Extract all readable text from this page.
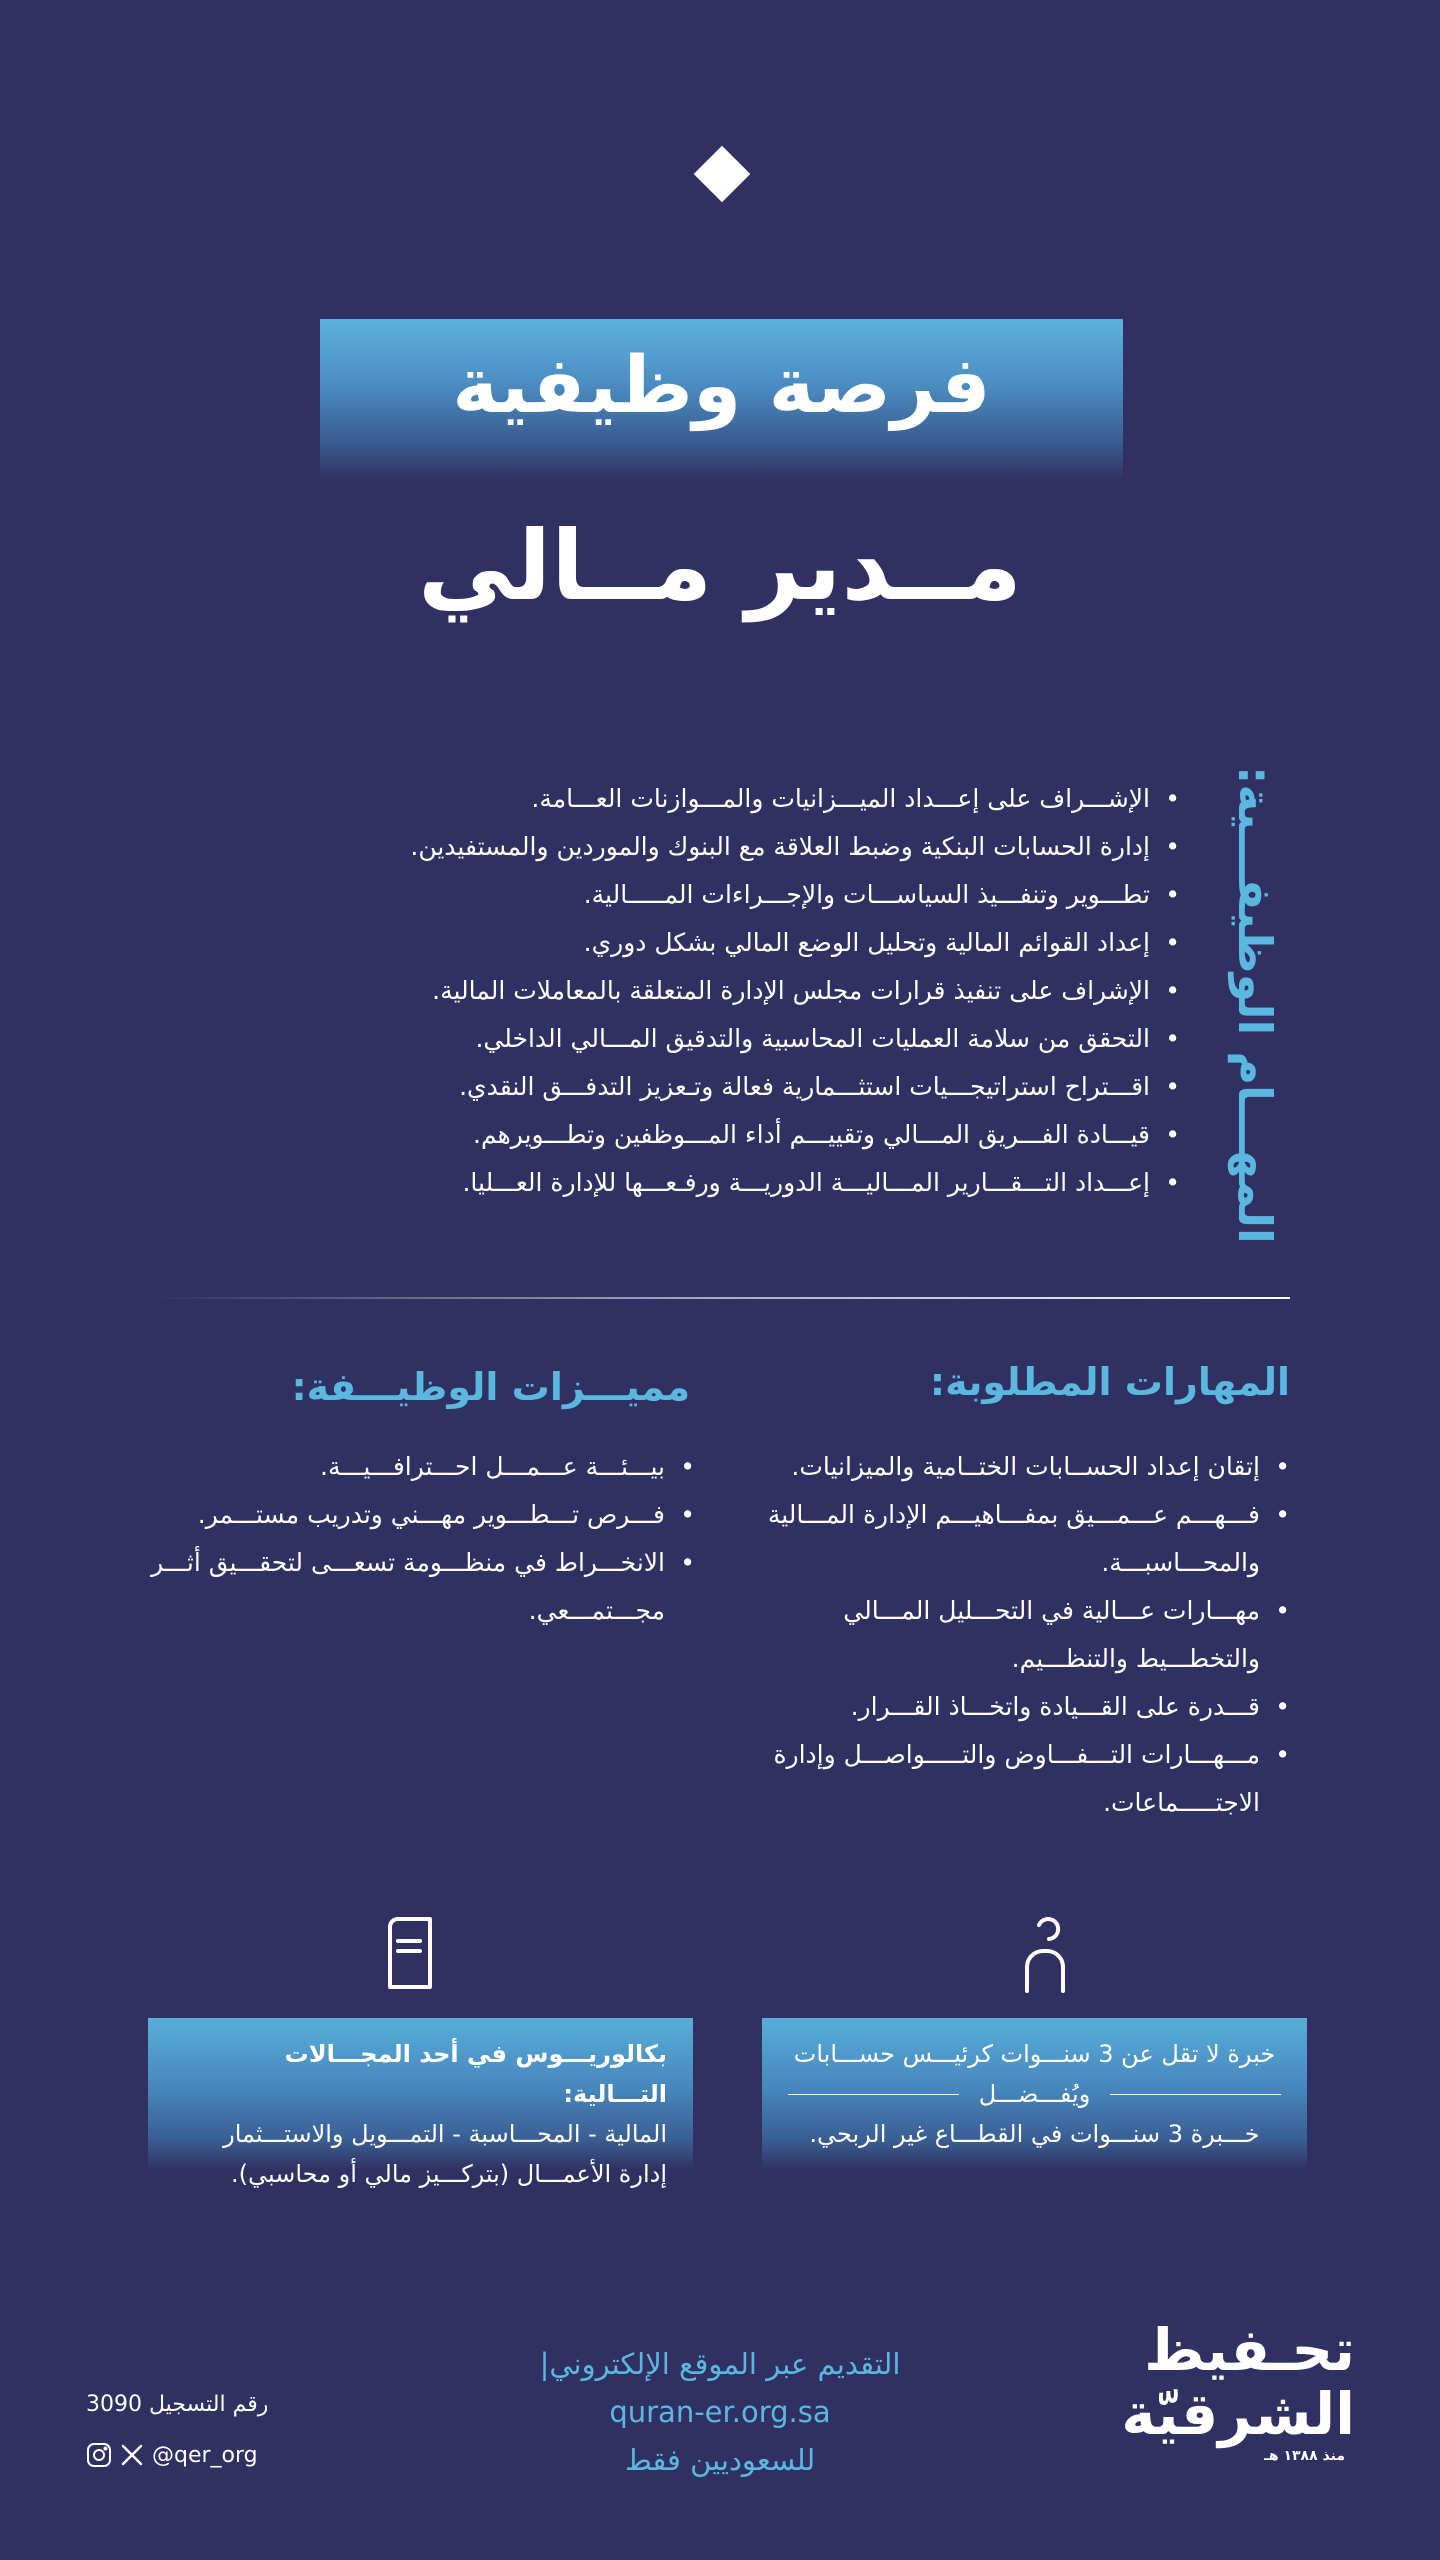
فرصة وظيفية
مــدير مــالي
المهـــام الوظيفـــية:
• الإشـــراف على إعـــداد الميـــزانيات والمـــوازنات العـــامة.
• إدارة الحسابات البنكية وضبط العلاقة مع البنوك والموردين والمستفيدين.
• تطـــوير وتنفـــيذ السياســـات والإجـــراءات المـــــالية.
• إعداد القوائم المالية وتحليل الوضع المالي بشكل دوري.
• الإشراف على تنفيذ قرارات مجلس الإدارة المتعلقة بالمعاملات المالية.
• التحقق من سلامة العمليات المحاسبية والتدقيق المـــالي الداخلي.
• اقـــتراح استراتيجـــيات استثـــمارية فعالة وتـعزيز التدفـــق النقدي.
• قيـــادة الفـــريق المـــالي وتقييـــم أداء المـــوظفين وتطـــويرهم.
• إعـــداد التـــقـــارير المـــاليـــة الدوريـــة ورفـعـــها للإدارة العـــليا.
المهارات المطلوبة:
• إتقان إعداد الحســابات الختــامية والميزانيات.
• فـــهـــم عـــمـــيق بمفـــاهيـــم الإدارة المـــالية والمحـــاسبـــة.
• مهـــارات عـــالية في التحـــليل المـــالي والتخطـــيط والتنظـــيم.
• قـــدرة على القـــيادة واتخـــاذ القـــرار.
• مـــهـــارات التـــفـــاوض والتـــــواصـــل وإدارة الاجتـــــماعات.
مميـــزات الوظيـــفة:
• بيـــئـــة عـــمـــل احـــترافـــيـــة.
• فـــرص تـــطـــوير مهـــني وتدريب مستـــمر.
• الانخـــراط في منظـــومة تسعـــى لتحقـــيق أثـــر مجـــتمـــعي.
خبرة لا تقل عن 3 سنـــوات كرئيـــس حســـابات
ويُفـــضـــل
خـــبرة 3 سنـــوات في القطـــاع غير الربحي.
بكالوريـــوس في أحد المجـــالات التـــالية:
المالية - المحـــاسبة - التمـــويل والاستـــثمار
إدارة الأعمـــال (بتركـــيز مالي أو محاسبي).
تحـفيظ
الشرقيّة
منذ ١٣٨٨ هـ
التقديم عبر الموقع الإلكتروني|
quran-er.org.sa
للسعوديين فقط
رقم التسجيل 3090
@qer_org
